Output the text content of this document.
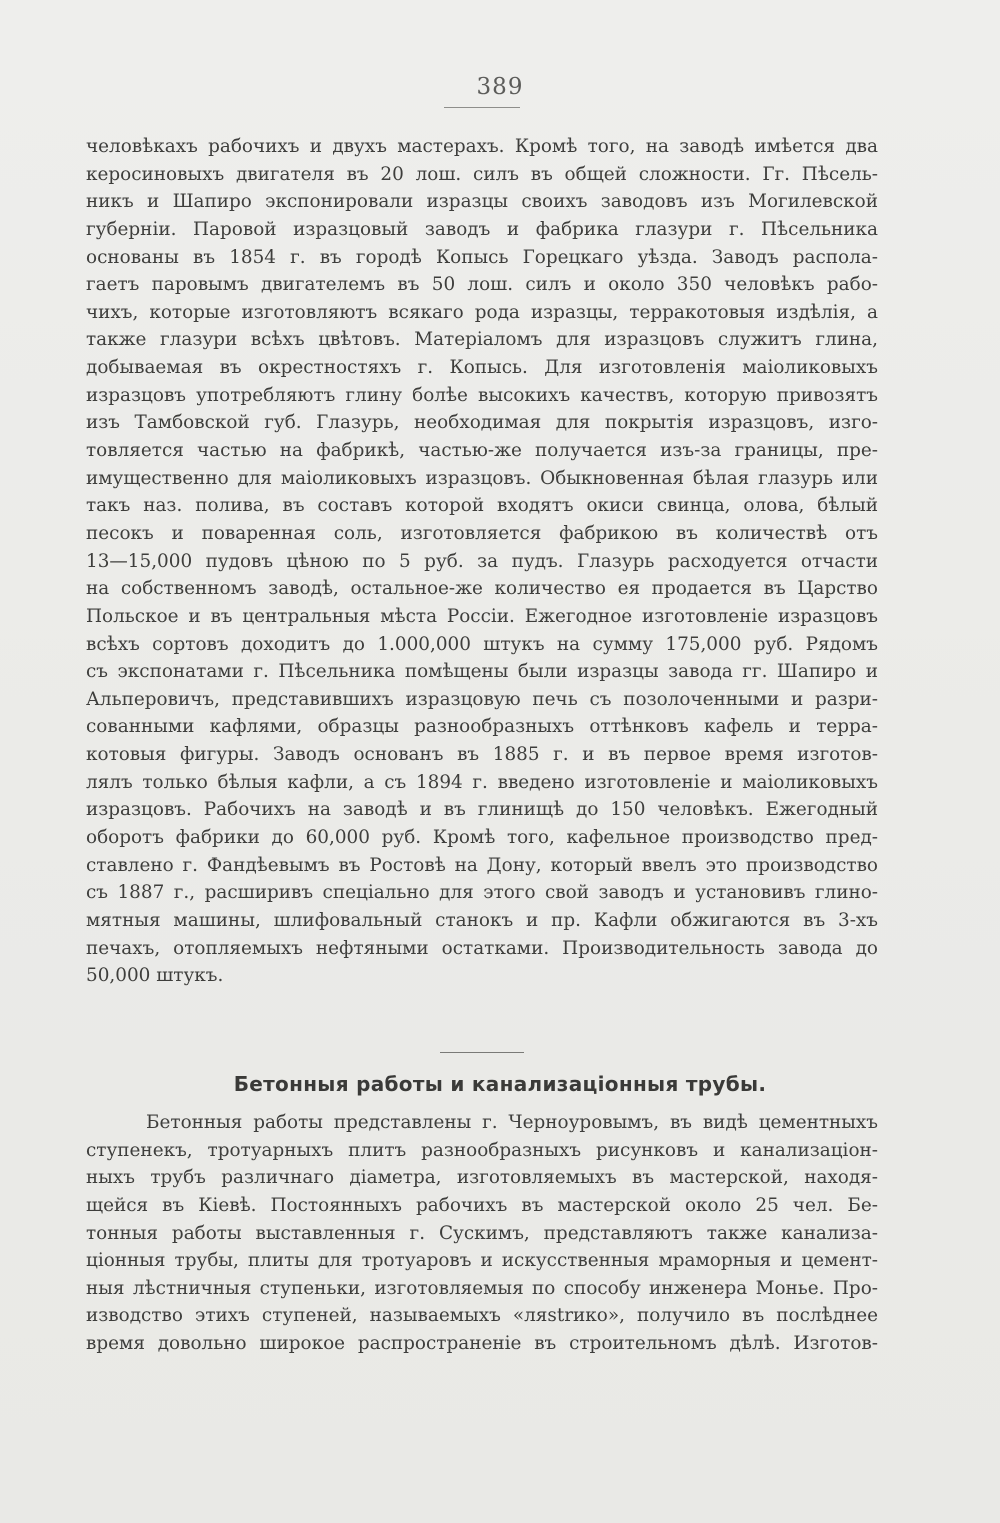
389
человѣкахъ рабочихъ и двухъ мастерахъ. Кромѣ того, на заводѣ имѣется два
керосиновыхъ двигателя въ 20 лош. силъ въ общей сложности. Гг. Пѣсель-
никъ и Шапиро экспонировали изразцы своихъ заводовъ изъ Могилевской
губерніи. Паровой изразцовый заводъ и фабрика глазури г. Пѣсельника
основаны въ 1854 г. въ городѣ Копысь Горецкаго уѣзда. Заводъ распола-
гаетъ паровымъ двигателемъ въ 50 лош. силъ и около 350 человѣкъ рабо-
чихъ, которые изготовляютъ всякаго рода изразцы, терракотовыя издѣлія, а
также глазури всѣхъ цвѣтовъ. Матеріаломъ для изразцовъ служитъ глина,
добываемая въ окрестностяхъ г. Копысь. Для изготовленія маіоликовыхъ
изразцовъ употребляютъ глину болѣе высокихъ качествъ, которую привозятъ
изъ Тамбовской губ. Глазурь, необходимая для покрытія изразцовъ, изго-
товляется частью на фабрикѣ, частью-же получается изъ-за границы, пре-
имущественно для маіоликовыхъ изразцовъ. Обыкновенная бѣлая глазурь или
такъ наз. полива, въ составъ которой входятъ окиси свинца, олова, бѣлый
песокъ и поваренная соль, изготовляется фабрикою въ количествѣ отъ
13—15,000 пудовъ цѣною по 5 руб. за пудъ. Глазурь расходуется отчасти
на собственномъ заводѣ, остальное-же количество ея продается въ Царство
Польское и въ центральныя мѣста Россіи. Ежегодное изготовленіе изразцовъ
всѣхъ сортовъ доходитъ до 1.000,000 штукъ на сумму 175,000 руб. Рядомъ
съ экспонатами г. Пѣсельника помѣщены были изразцы завода гг. Шапиро и
Альперовичъ, представившихъ изразцовую печь съ позолоченными и разри-
сованными кафлями, образцы разнообразныхъ оттѣнковъ кафель и терра-
котовыя фигуры. Заводъ основанъ въ 1885 г. и въ первое время изготов-
лялъ только бѣлыя кафли, а съ 1894 г. введено изготовленіе и маіоликовыхъ
изразцовъ. Рабочихъ на заводѣ и въ глинищѣ до 150 человѣкъ. Ежегодный
оборотъ фабрики до 60,000 руб. Кромѣ того, кафельное производство пред-
ставлено г. Фандѣевымъ въ Ростовѣ на Дону, который ввелъ это производство
съ 1887 г., расширивъ спеціально для этого свой заводъ и установивъ глино-
мятныя машины, шлифовальный станокъ и пр. Кафли обжигаются въ 3-хъ
печахъ, отопляемыхъ нефтяными остатками. Производительность завода до
50,000 штукъ.
Бетонныя работы и канализаціонныя трубы.
Бетонныя работы представлены г. Черноуровымъ, въ видѣ цементныхъ
ступенекъ, тротуарныхъ плитъ разнообразныхъ рисунковъ и канализаціон-
ныхъ трубъ различнаго діаметра, изготовляемыхъ въ мастерской, находя-
щейся въ Кіевѣ. Постоянныхъ рабочихъ въ мастерской около 25 чел. Бе-
тонныя работы выставленныя г. Сускимъ, представляютъ также канализа-
ціонныя трубы, плиты для тротуаровъ и искусственныя мраморныя и цемент-
ныя лѣстничныя ступеньки, изготовляемыя по способу инженера Монье. Про-
изводство этихъ ступеней, называемыхъ «ляstrико», получило въ послѣднее
время довольно широкое распространеніе въ строительномъ дѣлѣ. Изготов-
